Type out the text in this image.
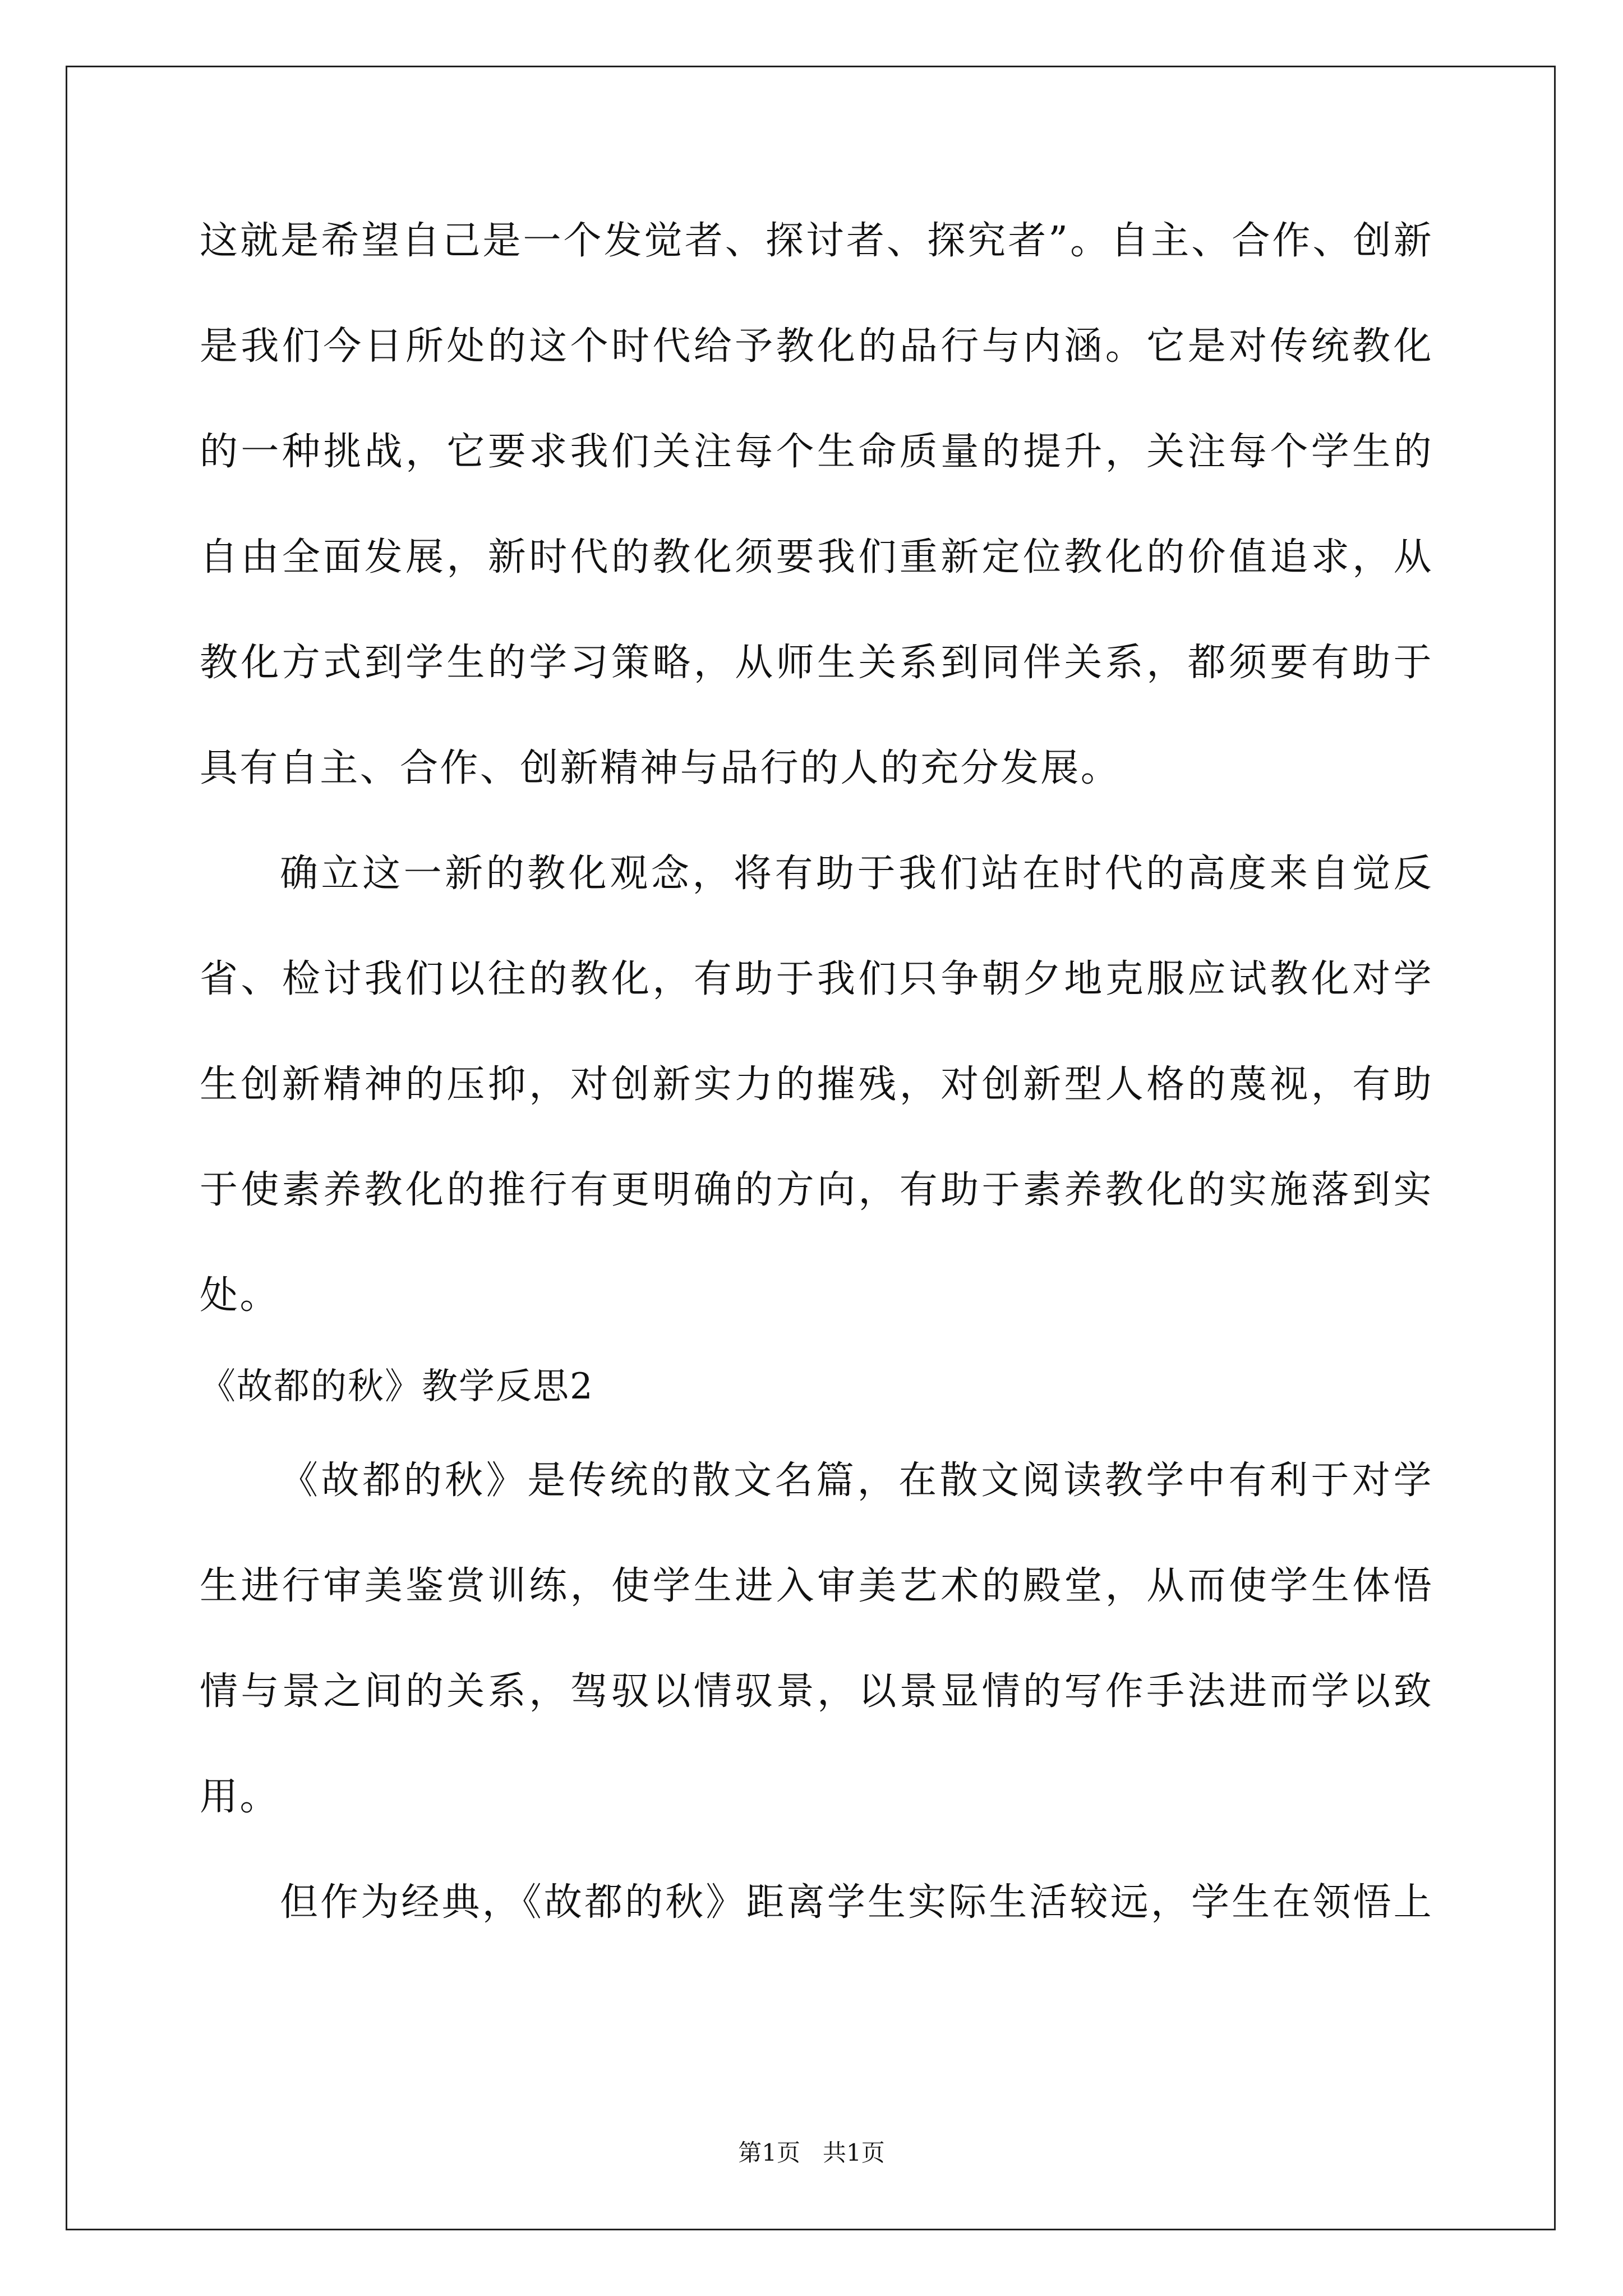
这就是希望自己是一个发觉者、探讨者、探究者”。自主、合作、创新
是我们今日所处的这个时代给予教化的品行与内涵。它是对传统教化
的一种挑战，它要求我们关注每个生命质量的提升，关注每个学生的
自由全面发展，新时代的教化须要我们重新定位教化的价值追求，从
教化方式到学生的学习策略，从师生关系到同伴关系，都须要有助于
具有自主、合作、创新精神与品行的人的充分发展。
确立这一新的教化观念，将有助于我们站在时代的高度来自觉反
省、检讨我们以往的教化，有助于我们只争朝夕地克服应试教化对学
生创新精神的压抑，对创新实力的摧残，对创新型人格的蔑视，有助
于使素养教化的推行有更明确的方向，有助于素养教化的实施落到实
处。
《故都的秋》教学反思2
《故都的秋》是传统的散文名篇，在散文阅读教学中有利于对学
生进行审美鉴赏训练，使学生进入审美艺术的殿堂，从而使学生体悟
情与景之间的关系，驾驭以情驭景，以景显情的写作手法进而学以致
用。
但作为经典，《故都的秋》距离学生实际生活较远，学生在领悟上
第1页   共1页
